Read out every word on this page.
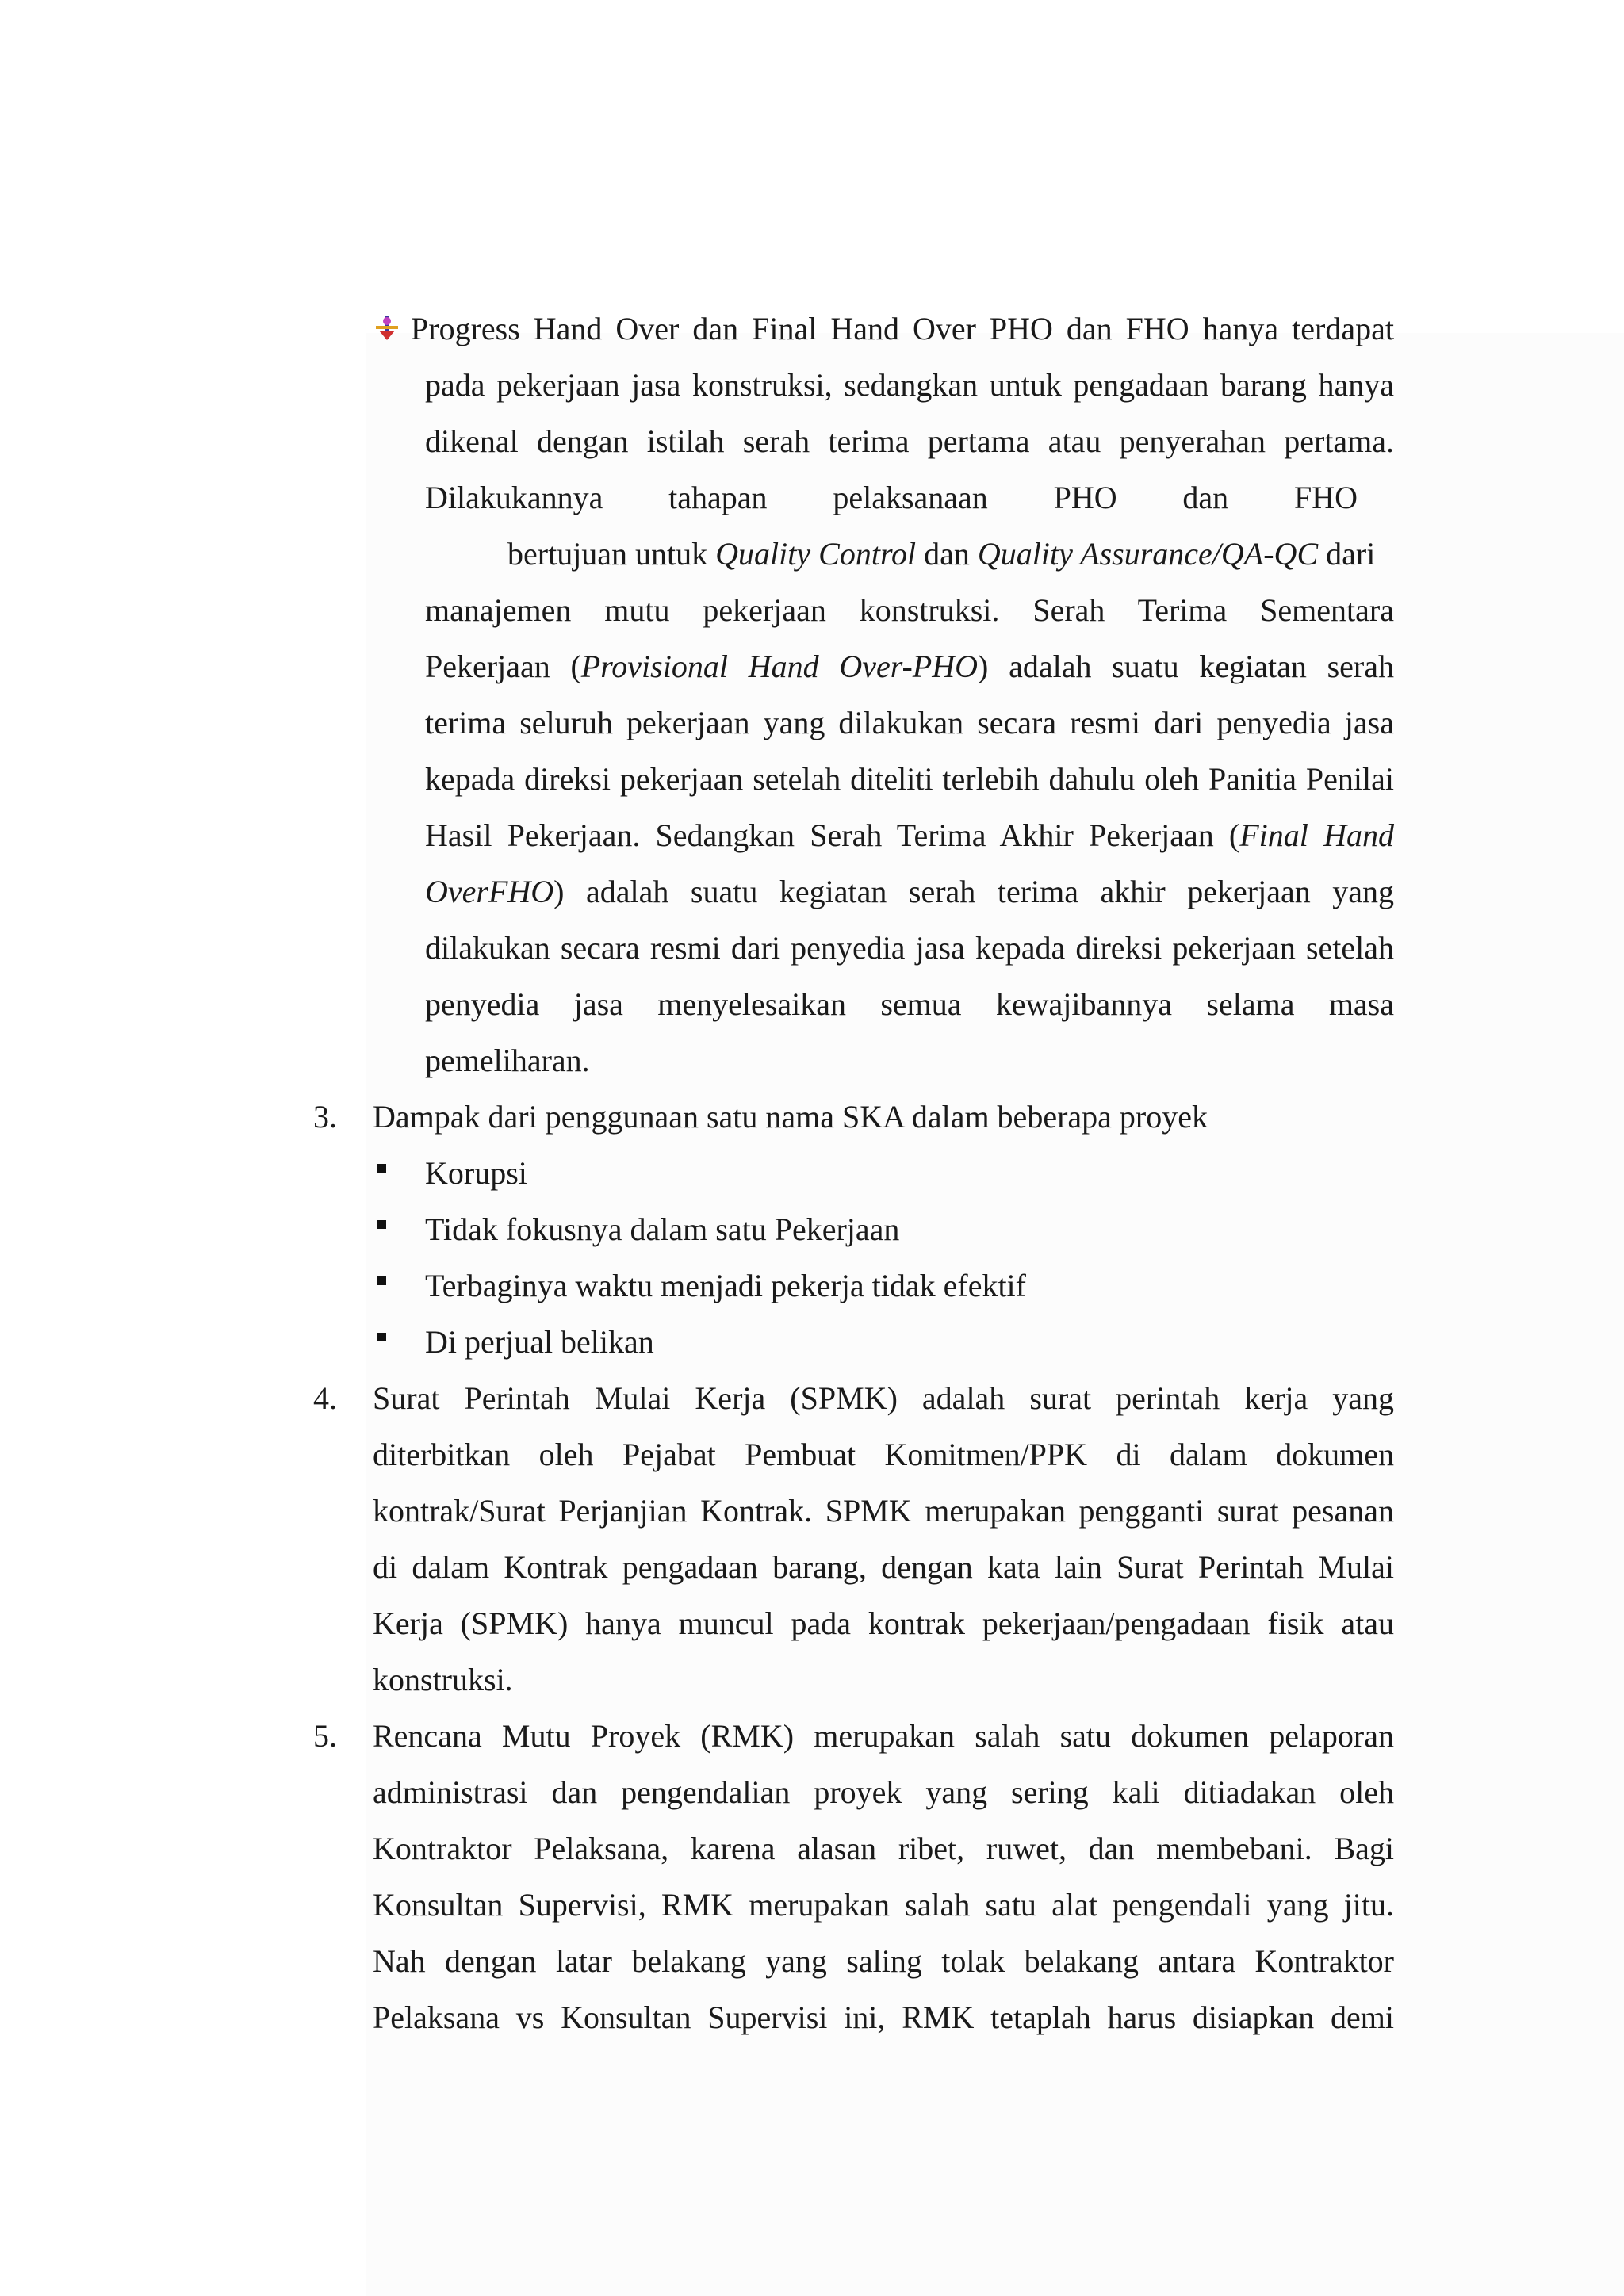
Progress Hand Over dan Final Hand Over PHO dan FHO hanya terdapat
pada pekerjaan jasa konstruksi, sedangkan untuk pengadaan barang hanya
dikenal dengan istilah serah terima pertama atau penyerahan pertama.
Dilakukannya tahapan pelaksanaan PHO dan FHO
bertujuan untuk Quality Control dan Quality Assurance/QA-QC dari
manajemen mutu pekerjaan konstruksi. Serah Terima Sementara
Pekerjaan (Provisional Hand Over-PHO) adalah suatu kegiatan serah
terima seluruh pekerjaan yang dilakukan secara resmi dari penyedia jasa
kepada direksi pekerjaan setelah diteliti terlebih dahulu oleh Panitia Penilai
Hasil Pekerjaan. Sedangkan Serah Terima Akhir Pekerjaan (Final Hand
OverFHO) adalah suatu kegiatan serah terima akhir pekerjaan yang
dilakukan secara resmi dari penyedia jasa kepada direksi pekerjaan setelah
penyedia jasa menyelesaikan semua kewajibannya selama masa
pemeliharan.
3. Dampak dari penggunaan satu nama SKA dalam beberapa proyek
Korupsi
Tidak fokusnya dalam satu Pekerjaan
Terbaginya waktu menjadi pekerja tidak efektif
Di perjual belikan
4. Surat Perintah Mulai Kerja (SPMK) adalah surat perintah kerja yang
diterbitkan oleh Pejabat Pembuat Komitmen/PPK di dalam dokumen
kontrak/Surat Perjanjian Kontrak. SPMK merupakan pengganti surat pesanan
di dalam Kontrak pengadaan barang, dengan kata lain Surat Perintah Mulai
Kerja (SPMK) hanya muncul pada kontrak pekerjaan/pengadaan fisik atau
konstruksi.
5. Rencana Mutu Proyek (RMK) merupakan salah satu dokumen pelaporan
administrasi dan pengendalian proyek yang sering kali ditiadakan oleh
Kontraktor Pelaksana, karena alasan ribet, ruwet, dan membebani. Bagi
Konsultan Supervisi, RMK merupakan salah satu alat pengendali yang jitu.
Nah dengan latar belakang yang saling tolak belakang antara Kontraktor
Pelaksana vs Konsultan Supervisi ini, RMK tetaplah harus disiapkan demi
